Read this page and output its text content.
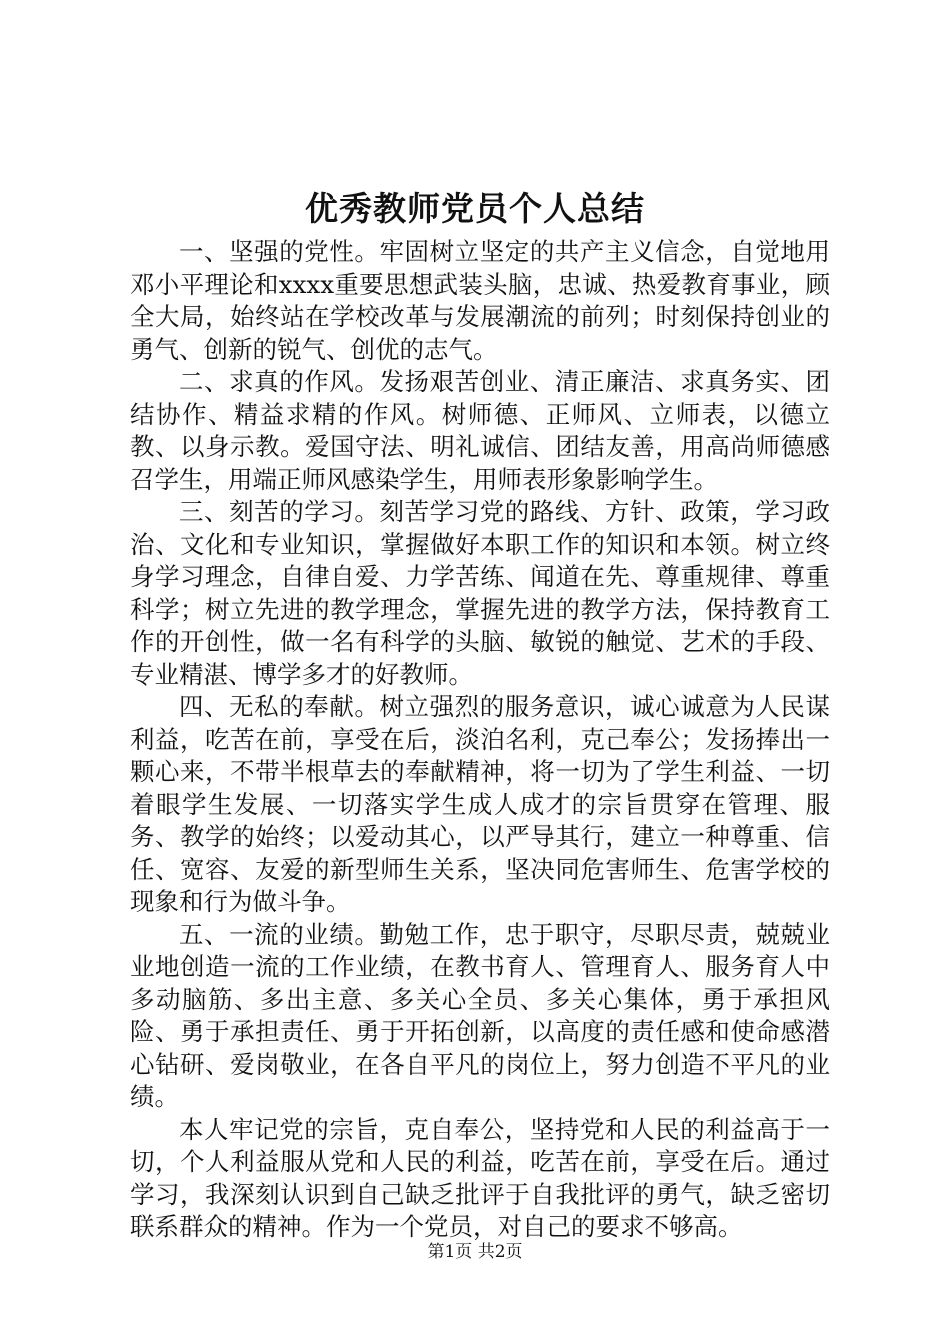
优秀教师党员个人总结

一、坚强的党性。牢固树立坚定的共产主义信念，自觉地用邓小平理论和xxxx重要思想武装头脑，忠诚、热爱教育事业，顾全大局，始终站在学校改革与发展潮流的前列；时刻保持创业的勇气、创新的锐气、创优的志气。

二、求真的作风。发扬艰苦创业、清正廉洁、求真务实、团结协作、精益求精的作风。树师德、正师风、立师表，以德立教、以身示教。爱国守法、明礼诚信、团结友善，用高尚师德感召学生，用端正师风感染学生，用师表形象影响学生。

三、刻苦的学习。刻苦学习党的路线、方针、政策，学习政治、文化和专业知识，掌握做好本职工作的知识和本领。树立终身学习理念，自律自爱、力学苦练、闻道在先、尊重规律、尊重科学；树立先进的教学理念，掌握先进的教学方法，保持教育工作的开创性，做一名有科学的头脑、敏锐的触觉、艺术的手段、专业精湛、博学多才的好教师。

四、无私的奉献。树立强烈的服务意识，诚心诚意为人民谋利益，吃苦在前，享受在后，淡泊名利，克己奉公；发扬捧出一颗心来，不带半根草去的奉献精神，将一切为了学生利益、一切着眼学生发展、一切落实学生成人成才的宗旨贯穿在管理、服务、教学的始终；以爱动其心，以严导其行，建立一种尊重、信任、宽容、友爱的新型师生关系，坚决同危害师生、危害学校的现象和行为做斗争。

五、一流的业绩。勤勉工作，忠于职守，尽职尽责，兢兢业业地创造一流的工作业绩，在教书育人、管理育人、服务育人中多动脑筋、多出主意、多关心全员、多关心集体，勇于承担风险、勇于承担责任、勇于开拓创新，以高度的责任感和使命感潜心钻研、爱岗敬业，在各自平凡的岗位上，努力创造不平凡的业绩。

本人牢记党的宗旨，克自奉公，坚持党和人民的利益高于一切，个人利益服从党和人民的利益，吃苦在前，享受在后。通过学习，我深刻认识到自己缺乏批评于自我批评的勇气，缺乏密切联系群众的精神。作为一个党员，对自己的要求不够高。

第1页 共2页
